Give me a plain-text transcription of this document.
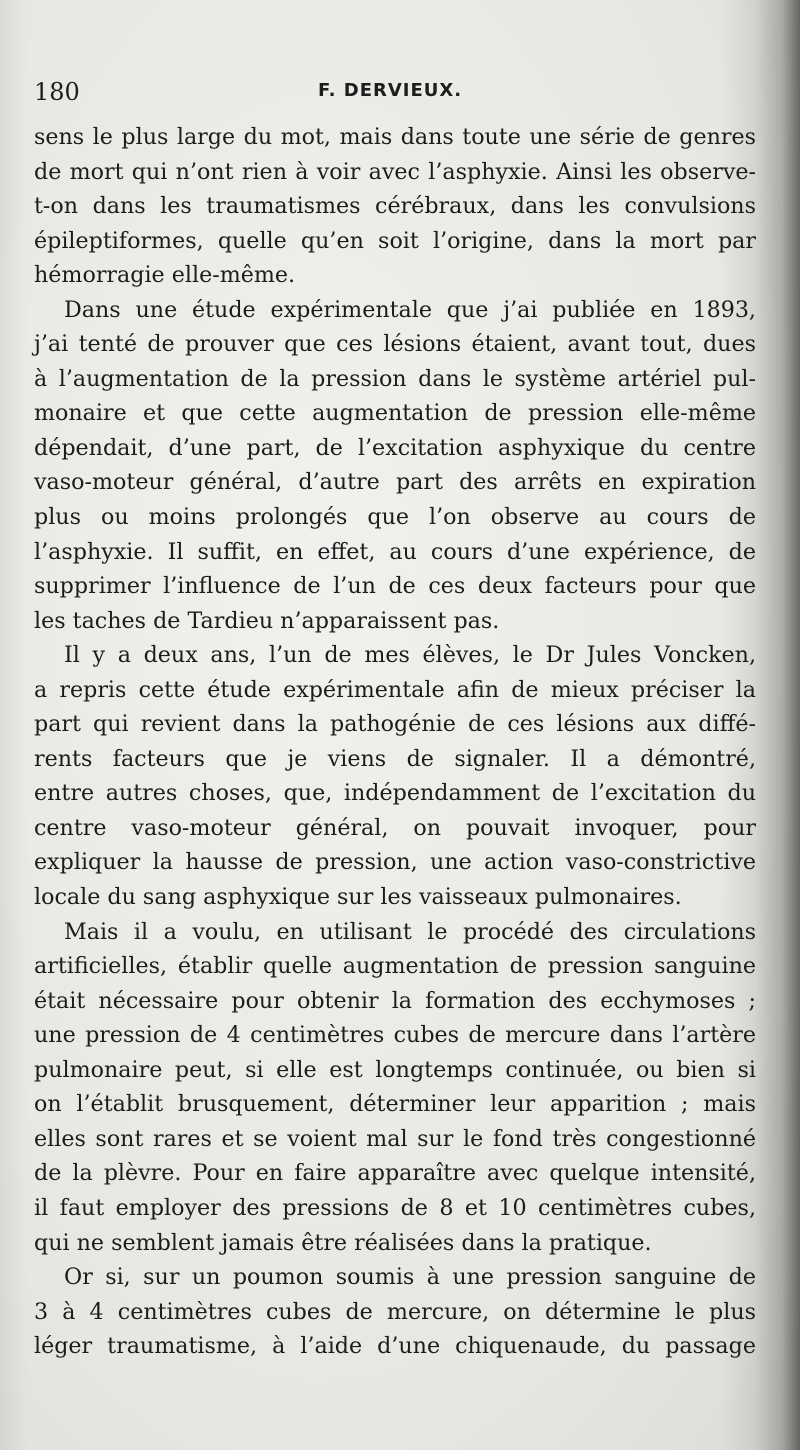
180	F. DERVIEUX.
sens le plus large du mot, mais dans toute une série de genres
de mort qui n’ont rien à voir avec l’asphyxie. Ainsi les observe-
t-on dans les traumatismes cérébraux, dans les convulsions
épileptiformes, quelle qu’en soit l’origine, dans la mort par
hémorragie elle-même.
Dans une étude expérimentale que j’ai publiée en 1893,
j’ai tenté de prouver que ces lésions étaient, avant tout, dues
à l’augmentation de la pression dans le système artériel pul-
monaire et que cette augmentation de pression elle-même
dépendait, d’une part, de l’excitation asphyxique du centre
vaso-moteur général, d’autre part des arrêts en expiration
plus ou moins prolongés que l’on observe au cours de
l’asphyxie. Il suffit, en effet, au cours d’une expérience, de
supprimer l’influence de l’un de ces deux facteurs pour que
les taches de Tardieu n’apparaissent pas.
Il y a deux ans, l’un de mes élèves, le Dr Jules Voncken,
a repris cette étude expérimentale afin de mieux préciser la
part qui revient dans la pathogénie de ces lésions aux diffé-
rents facteurs que je viens de signaler. Il a démontré,
entre autres choses, que, indépendamment de l’excitation du
centre vaso-moteur général, on pouvait invoquer, pour
expliquer la hausse de pression, une action vaso-constrictive
locale du sang asphyxique sur les vaisseaux pulmonaires.
Mais il a voulu, en utilisant le procédé des circulations
artificielles, établir quelle augmentation de pression sanguine
était nécessaire pour obtenir la formation des ecchymoses ;
une pression de 4 centimètres cubes de mercure dans l’artère
pulmonaire peut, si elle est longtemps continuée, ou bien si
on l’établit brusquement, déterminer leur apparition ; mais
elles sont rares et se voient mal sur le fond très congestionné
de la plèvre. Pour en faire apparaître avec quelque intensité,
il faut employer des pressions de 8 et 10 centimètres cubes,
qui ne semblent jamais être réalisées dans la pratique.
Or si, sur un poumon soumis à une pression sanguine de
3 à 4 centimètres cubes de mercure, on détermine le plus
léger traumatisme, à l’aide d’une chiquenaude, du passage
